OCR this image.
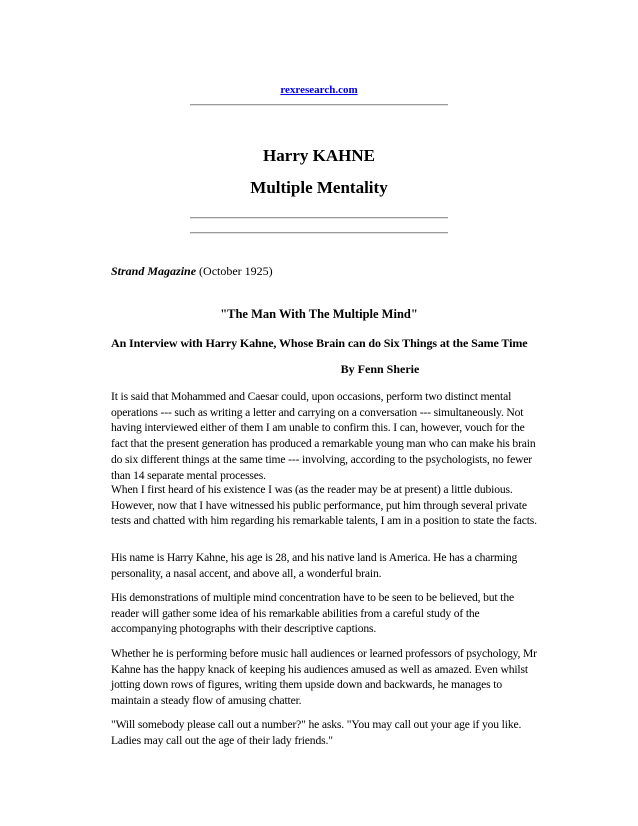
rexresearch.com
Harry KAHNE
Multiple Mentality
Strand Magazine (October 1925)
"The Man With The Multiple Mind"
An Interview with Harry Kahne, Whose Brain can do Six Things at the Same Time
By Fenn Sherie

It is said that Mohammed and Caesar could, upon occasions, perform two distinct mental operations --- such as writing a letter and carrying on a conversation --- simultaneously. Not having interviewed either of them I am unable to confirm this. I can, however, vouch for the fact that the present generation has produced a remarkable young man who can make his brain do six different things at the same time --- involving, according to the psychologists, no fewer than 14 separate mental processes.

When I first heard of his existence I was (as the reader may be at present) a little dubious. However, now that I have witnessed his public performance, put him through several private tests and chatted with him regarding his remarkable talents, I am in a position to state the facts.

His name is Harry Kahne, his age is 28, and his native land is America. He has a charming personality, a nasal accent, and above all, a wonderful brain.

His demonstrations of multiple mind concentration have to be seen to be believed, but the reader will gather some idea of his remarkable abilities from a careful study of the accompanying photographs with their descriptive captions.

Whether he is performing before music hall audiences or learned professors of psychology, Mr Kahne has the happy knack of keeping his audiences amused as well as amazed. Even whilst jotting down rows of figures, writing them upside down and backwards, he manages to maintain a steady flow of amusing chatter.

"Will somebody please call out a number?" he asks. "You may call out your age if you like. Ladies may call out the age of their lady friends."
